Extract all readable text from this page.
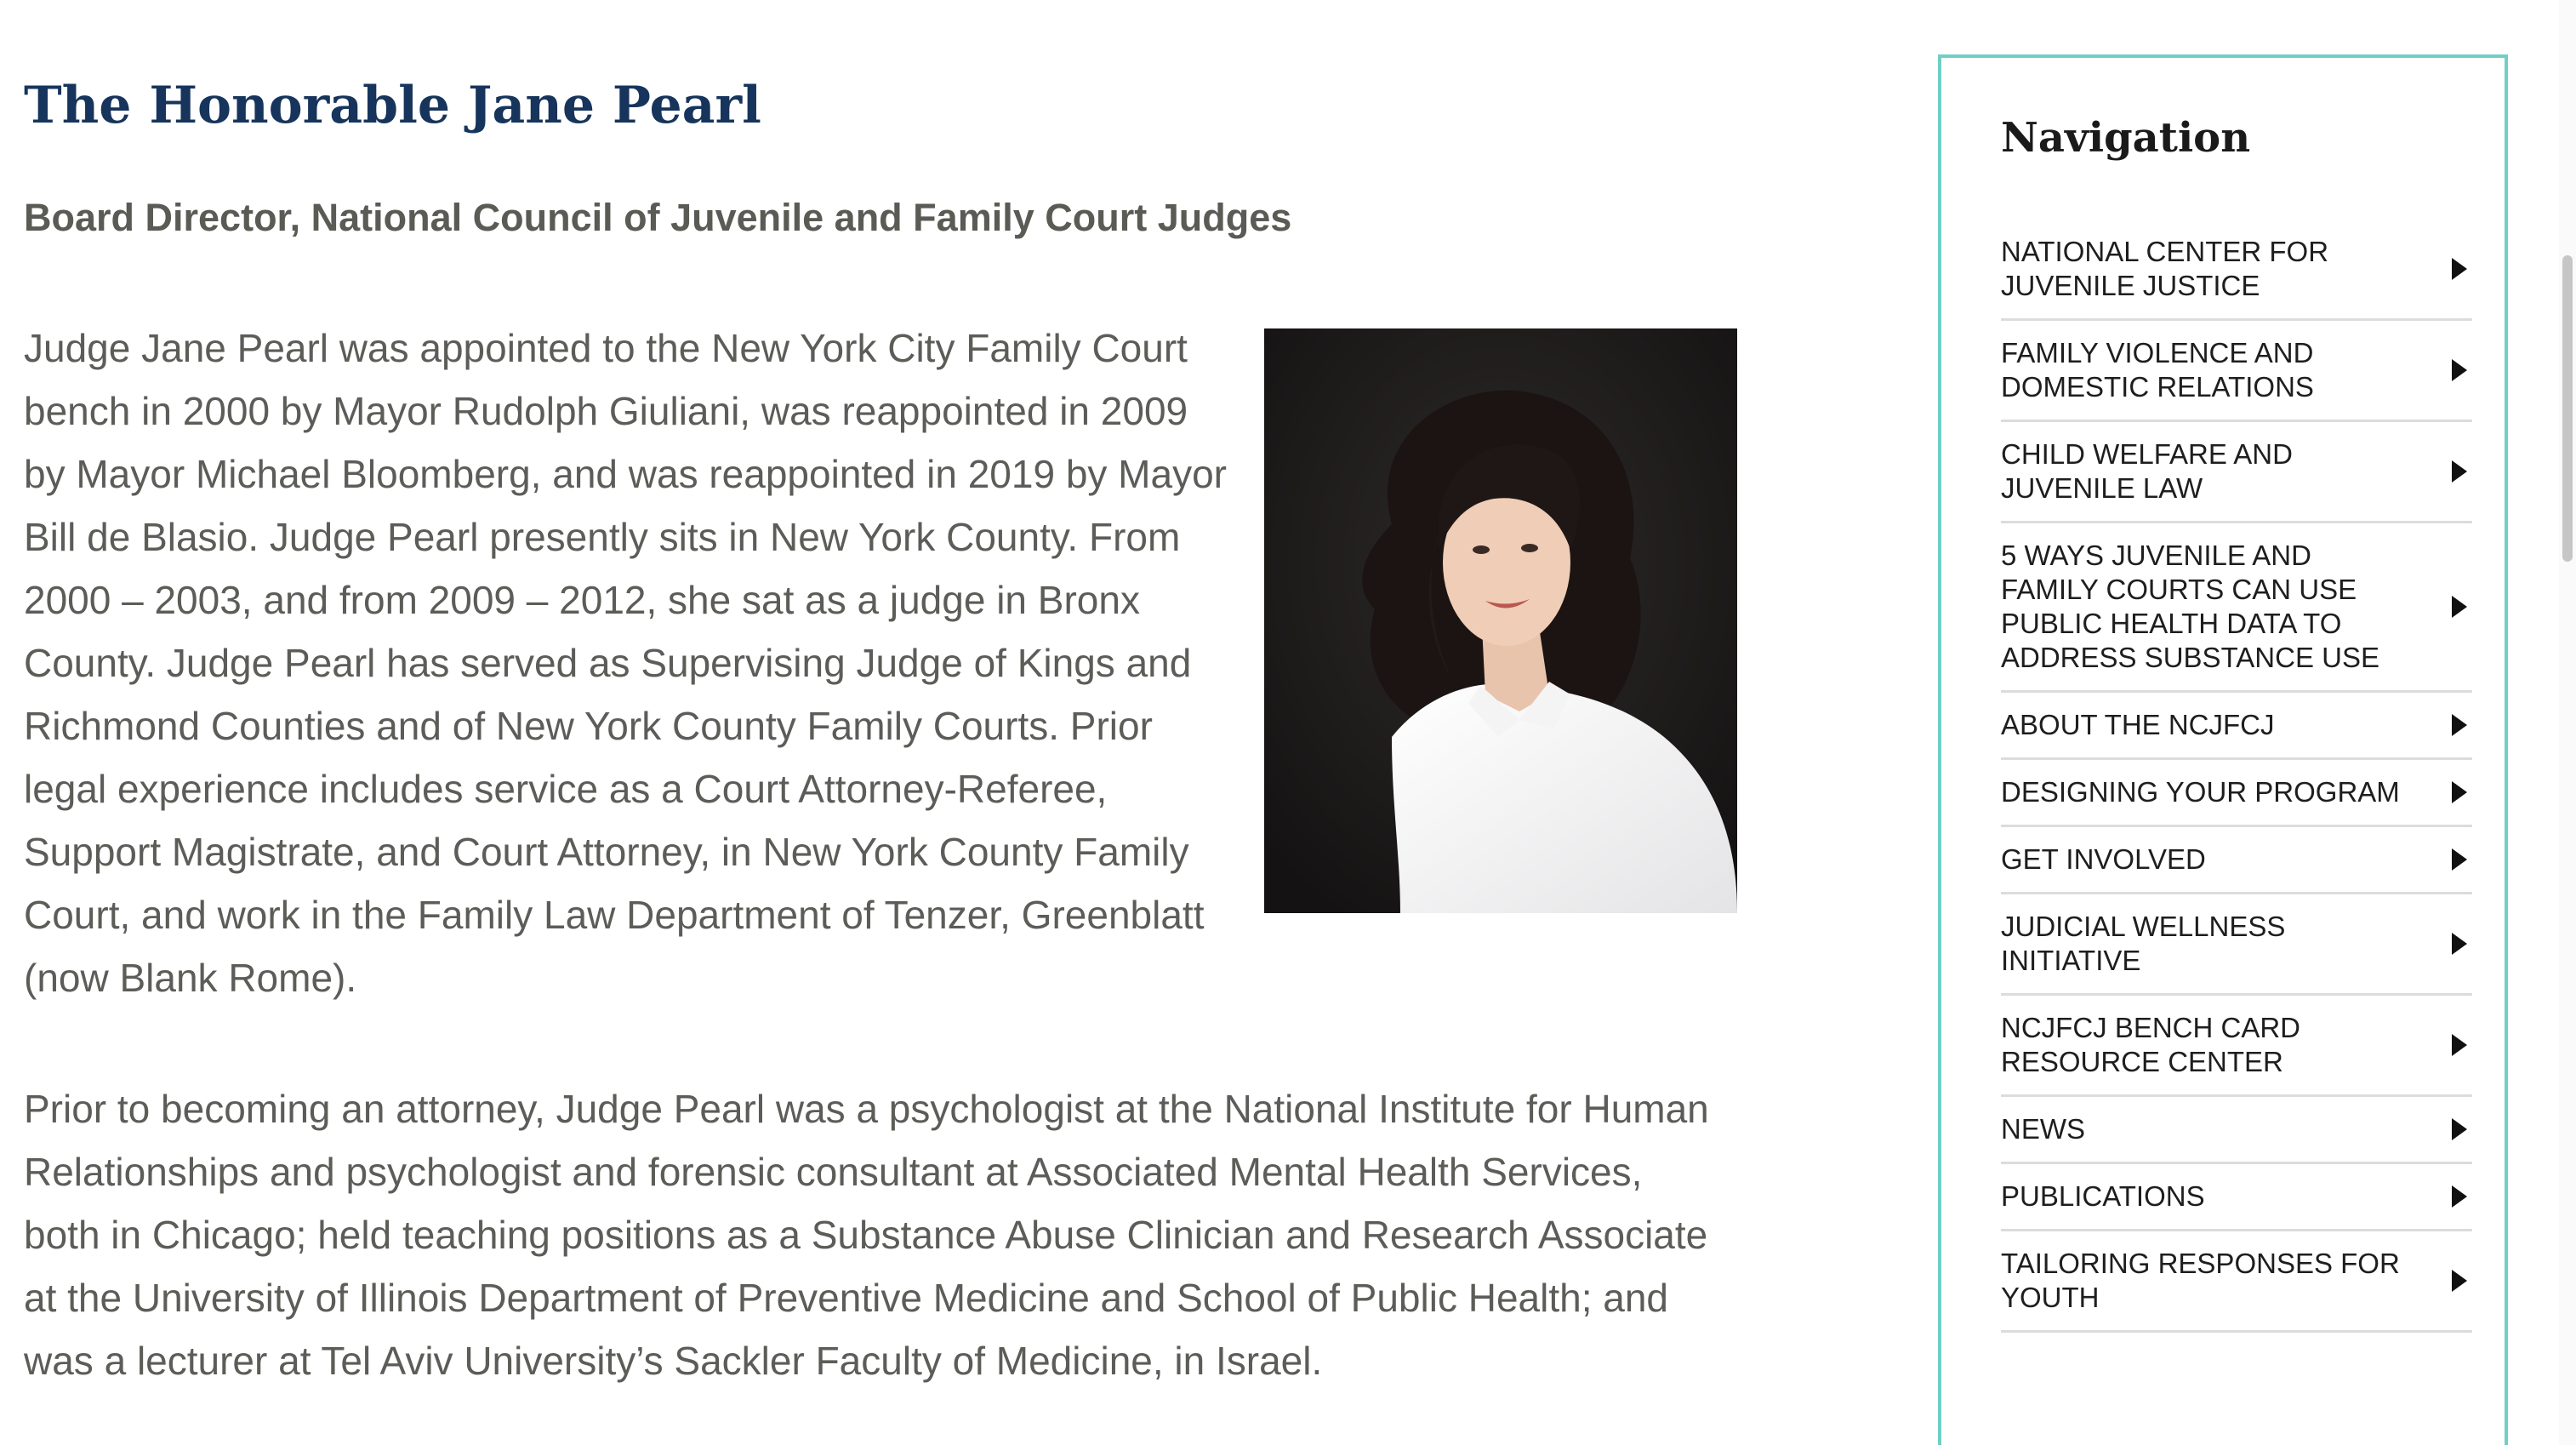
The Honorable Jane Pearl
Board Director, National Council of Juvenile and Family Court Judges

Judge Jane Pearl was appointed to the New York City Family Court bench in 2000 by Mayor Rudolph Giuliani, was reappointed in 2009 by Mayor Michael Bloomberg, and was reappointed in 2019 by Mayor Bill de Blasio. Judge Pearl presently sits in New York County. From 2000 – 2003, and from 2009 – 2012, she sat as a judge in Bronx County. Judge Pearl has served as Supervising Judge of Kings and Richmond Counties and of New York County Family Courts. Prior legal experience includes service as a Court Attorney-Referee, Support Magistrate, and Court Attorney, in New York County Family Court, and work in the Family Law Department of Tenzer, Greenblatt (now Blank Rome).

Prior to becoming an attorney, Judge Pearl was a psychologist at the National Institute for Human Relationships and psychologist and forensic consultant at Associated Mental Health Services, both in Chicago; held teaching positions as a Substance Abuse Clinician and Research Associate at the University of Illinois Department of Preventive Medicine and School of Public Health; and was a lecturer at Tel Aviv University’s Sackler Faculty of Medicine, in Israel.

Navigation
NATIONAL CENTER FOR JUVENILE JUSTICE
FAMILY VIOLENCE AND DOMESTIC RELATIONS
CHILD WELFARE AND JUVENILE LAW
5 WAYS JUVENILE AND FAMILY COURTS CAN USE PUBLIC HEALTH DATA TO ADDRESS SUBSTANCE USE
ABOUT THE NCJFCJ
DESIGNING YOUR PROGRAM
GET INVOLVED
JUDICIAL WELLNESS INITIATIVE
NCJFCJ BENCH CARD RESOURCE CENTER
NEWS
PUBLICATIONS
TAILORING RESPONSES FOR YOUTH
